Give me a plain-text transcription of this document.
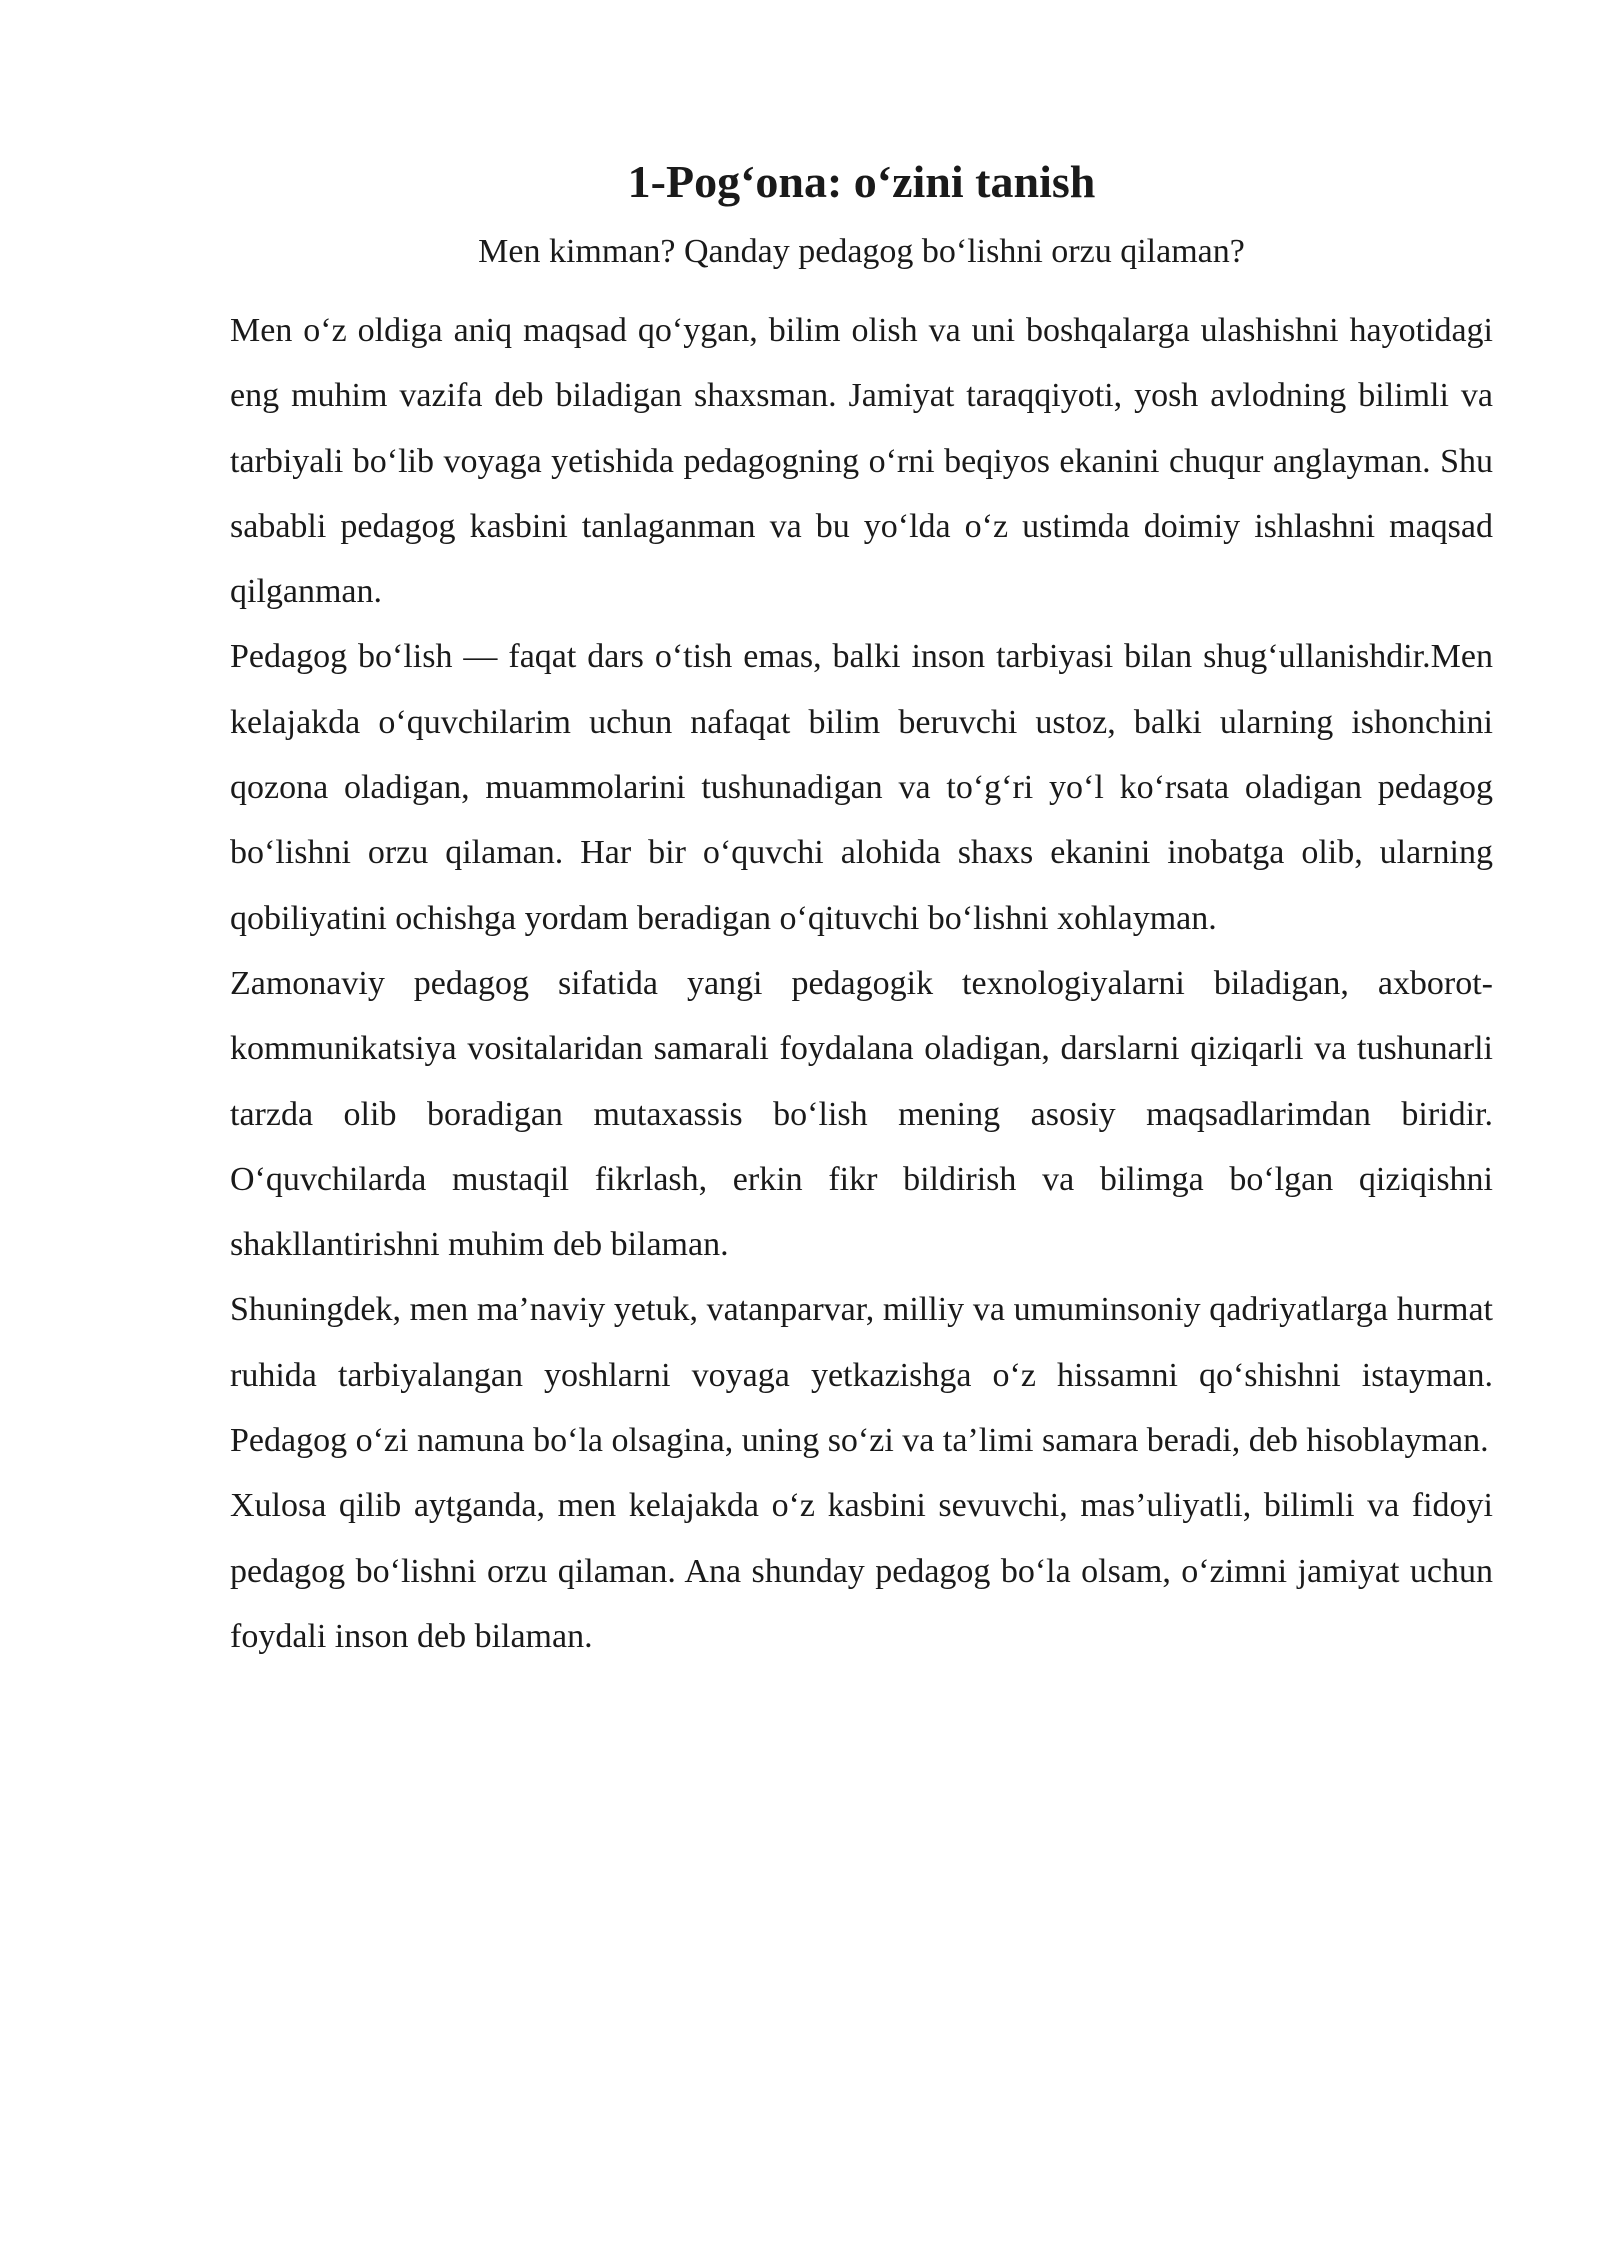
1-Pog‘ona: o‘zini tanish

Men kimman? Qanday pedagog bo‘lishni orzu qilaman?

Men o‘z oldiga aniq maqsad qo‘ygan, bilim olish va uni boshqalarga ulashishni hayotidagi eng muhim vazifa deb biladigan shaxsman. Jamiyat taraqqiyoti, yosh avlodning bilimli va tarbiyali bo‘lib voyaga yetishida pedagogning o‘rni beqiyos ekanini chuqur anglayman. Shu sababli pedagog kasbini tanlaganman va bu yo‘lda o‘z ustimda doimiy ishlashni maqsad qilganman.

Pedagog bo‘lish — faqat dars o‘tish emas, balki inson tarbiyasi bilan shug‘ullanishdir.Men kelajakda o‘quvchilarim uchun nafaqat bilim beruvchi ustoz, balki ularning ishonchini qozona oladigan, muammolarini tushunadigan va to‘g‘ri yo‘l ko‘rsata oladigan pedagog bo‘lishni orzu qilaman. Har bir o‘quvchi alohida shaxs ekanini inobatga olib, ularning qobiliyatini ochishga yordam beradigan o‘qituvchi bo‘lishni xohlayman.

Zamonaviy pedagog sifatida yangi pedagogik texnologiyalarni biladigan, axborot-kommunikatsiya vositalaridan samarali foydalana oladigan, darslarni qiziqarli va tushunarli tarzda olib boradigan mutaxassis bo‘lish mening asosiy maqsadlarimdan biridir. O‘quvchilarda mustaqil fikrlash, erkin fikr bildirish va bilimga bo‘lgan qiziqishni shakllantirishni muhim deb bilaman.

Shuningdek, men ma’naviy yetuk, vatanparvar, milliy va umuminsoniy qadriyatlarga hurmat ruhida tarbiyalangan yoshlarni voyaga yetkazishga o‘z hissamni qo‘shishni istayman. Pedagog o‘zi namuna bo‘la olsagina, uning so‘zi va ta’limi samara beradi, deb hisoblayman.

Xulosa qilib aytganda, men kelajakda o‘z kasbini sevuvchi, mas’uliyatli, bilimli va fidoyi pedagog bo‘lishni orzu qilaman. Ana shunday pedagog bo‘la olsam, o‘zimni jamiyat uchun foydali inson deb bilaman.
